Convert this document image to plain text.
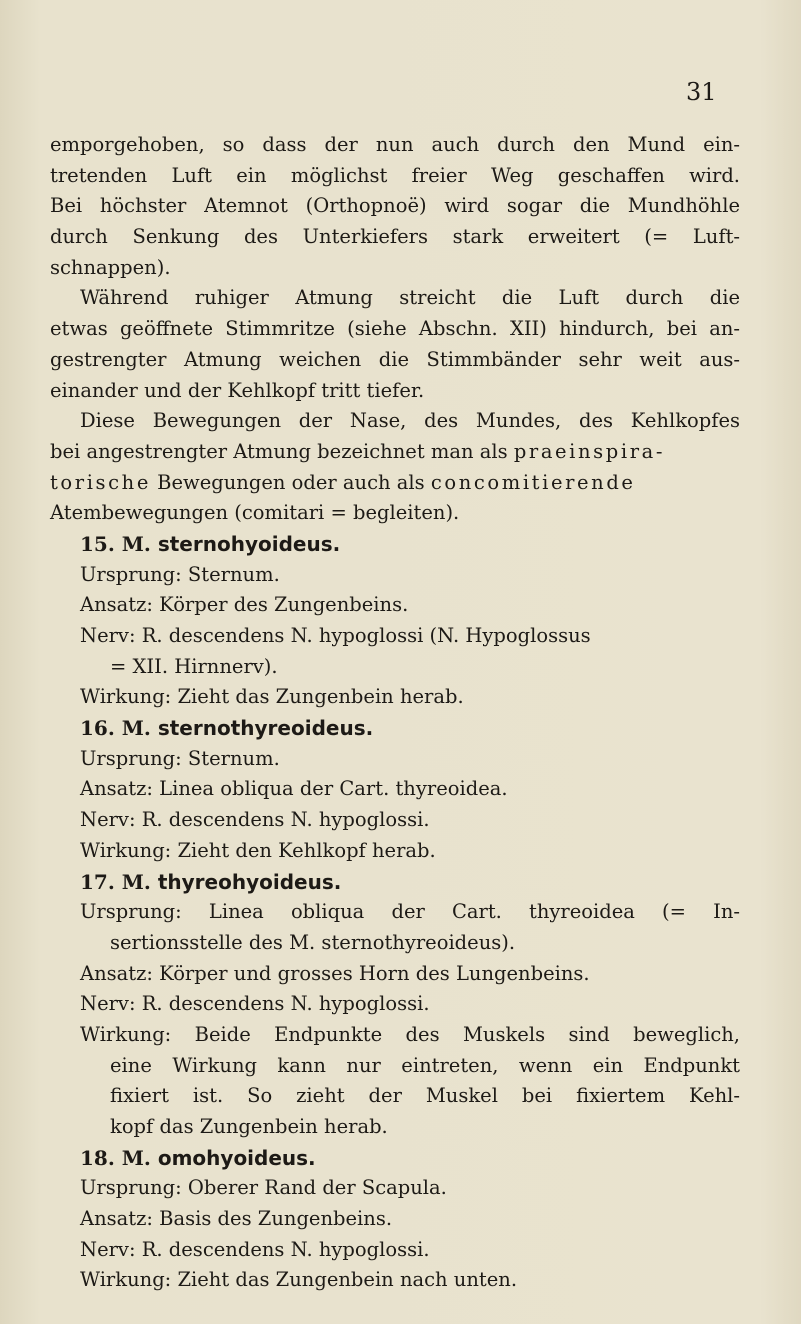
31
emporgehoben, so dass der nun auch durch den Mund ein-
tretenden Luft ein möglichst freier Weg geschaffen wird.
Bei höchster Atemnot (Orthopnoë) wird sogar die Mundhöhle
durch Senkung des Unterkiefers stark erweitert (= Luft-
schnappen).
Während ruhiger Atmung streicht die Luft durch die
etwas geöffnete Stimmritze (siehe Abschn. XII) hindurch, bei an-
gestrengter Atmung weichen die Stimmbänder sehr weit aus-
einander und der Kehlkopf tritt tiefer.
Diese Bewegungen der Nase, des Mundes, des Kehlkopfes
bei angestrengter Atmung bezeichnet man als praeinspira-
torische Bewegungen oder auch als concomitierende
Atembewegungen (comitari = begleiten).
15. M. sternohyoideus.
Ursprung: Sternum.
Ansatz: Körper des Zungenbeins.
Nerv: R. descendens N. hypoglossi (N. Hypoglossus
= XII. Hirnnerv).
Wirkung: Zieht das Zungenbein herab.
16. M. sternothyreoideus.
Ursprung: Sternum.
Ansatz: Linea obliqua der Cart. thyreoidea.
Nerv: R. descendens N. hypoglossi.
Wirkung: Zieht den Kehlkopf herab.
17. M. thyreohyoideus.
Ursprung: Linea obliqua der Cart. thyreoidea (= In-
sertionsstelle des M. sternothyreoideus).
Ansatz: Körper und grosses Horn des Lungenbeins.
Nerv: R. descendens N. hypoglossi.
Wirkung: Beide Endpunkte des Muskels sind beweglich,
eine Wirkung kann nur eintreten, wenn ein Endpunkt
fixiert ist. So zieht der Muskel bei fixiertem Kehl-
kopf das Zungenbein herab.
18. M. omohyoideus.
Ursprung: Oberer Rand der Scapula.
Ansatz: Basis des Zungenbeins.
Nerv: R. descendens N. hypoglossi.
Wirkung: Zieht das Zungenbein nach unten.
